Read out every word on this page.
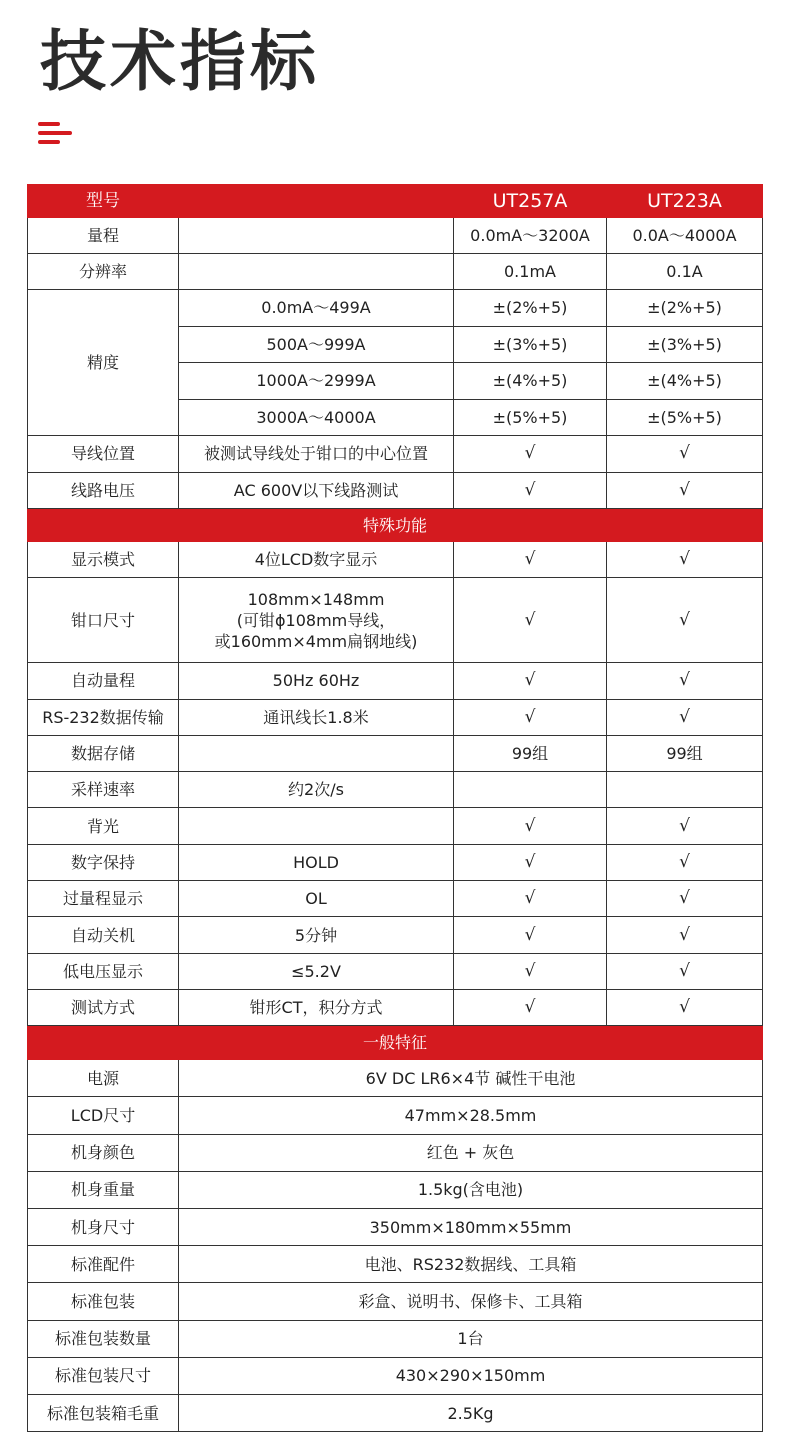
技术指标
型号		UT257A	UT223A
量程		0.0mA～3200A	0.0A～4000A
分辨率		0.1mA	0.1A
精度	0.0mA～499A	±(2%+5)	±(2%+5)
	500A～999A	±(3%+5)	±(3%+5)
	1000A～2999A	±(4%+5)	±(4%+5)
	3000A～4000A	±(5%+5)	±(5%+5)
导线位置	被测试导线处于钳口的中心位置	√	√
线路电压	AC 600V以下线路测试	√	√
特殊功能			
显示模式	4位LCD数字显示	√	√
钳口尺寸	108mm×148mm
(可钳ϕ108mm导线，
或160mm×4mm扁钢地线)	√	√
自动量程	50Hz 60Hz	√	√
RS-232数据传输	通讯线长1.8米	√	√
数据存储		99组	99组
采样速率	约2次/s		
背光		√	√
数字保持	HOLD	√	√
过量程显示	OL	√	√
自动关机	5分钟	√	√
低电压显示	≤5.2V	√	√
测试方式	钳形CT，积分方式	√	√
一般特征			
电源	6V DC LR6×4节 碱性干电池		
LCD尺寸	47mm×28.5mm		
机身颜色	红色 + 灰色		
机身重量	1.5kg(含电池)		
机身尺寸	350mm×180mm×55mm		
标准配件	电池、RS232数据线、工具箱		
标准包装	彩盒、说明书、保修卡、工具箱		
标准包装数量	1台		
标准包装尺寸	430×290×150mm		
标准包装箱毛重	2.5Kg		
